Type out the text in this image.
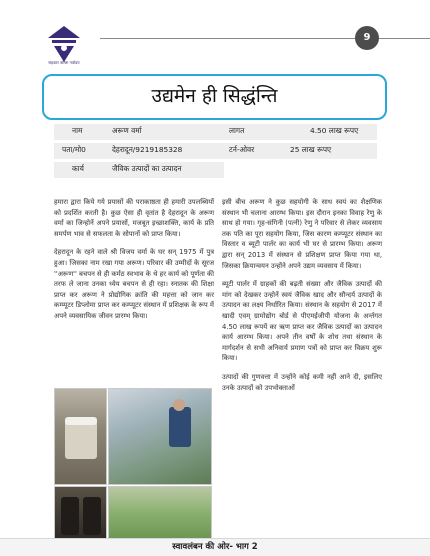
सहकार बांग्ला नवोदय
9
उद्यमेन ही सिद्धंन्ति
नाम	अरूण वर्मा	लागत	4.50 लाख रूपए
पता/मो0	देहरादून/9219185328	टर्न-ओवर	25 लाख रूपए
कार्य	जैविक उत्पादों का उत्पादन

हमारा द्वारा किये गये प्रयासों की पराकाष्ठता ही हमारी उपलब्धियों को प्रदर्शित करती है। कुछ ऐसा ही वृतांत है देहरादून के अरूण वर्मा का जिन्होनें अपने प्रयासों, मजबूत इच्छाशक्ति, कार्य के प्रति समर्पण भाव से सफलता के सोपानों को प्राप्त किया।

देहरादून के रहने वाले श्री विजय वर्मा के घर सन् 1975 में पुत्र हुआ। जिसका नाम रखा गया अरूण। परिवार की उम्मीदों के सूरज ''अरूण'' बचपन से ही कर्मठ स्वभाव के थे हर कार्य को पूर्णता की तरफ ले जाना उनका ध्येय बचपन से ही रहा। स्नातक की शिक्षा प्राप्त कर अरूण ने प्रोद्योगिक क्रांति की महत्ता को जान कर कम्प्यूटर डिप्लोमा प्राप्त कर कम्प्यूटर संस्थान में प्रशिक्षक के रूप में अपने व्यवसायिक जीवन प्रारम्भ किया।

इसी बीच अरूण ने कुछ सहयोगी के साथ स्वयं का शैक्षणिक संस्थान भी चलाना आरम्भ किया। इस दौरान इनका विवाह रेणु के साथ हो गया। गृह-संगिनी (पत्नी) रेणु ने परिवार से लेकर व्यवसाय तक पति का पूरा सहयोग किया, जिस कारण कम्प्यूटर संस्थान का विस्तार व ब्यूटी पार्लर का कार्य भी घर से प्रारम्भ किया। अरूण द्वारा सन् 2013 में संस्थान से प्रशिक्षण प्राप्त किया गया था, जिसका क्रियान्वयन उन्होंने अपने उद्यम व्यवसाय में किया।

ब्यूटी पार्लर में ग्राहकों की बढ़ती संख्या और जैविक उत्पादों की मांग को देखकर उन्होनें स्वयं जैविक खाद और सौन्दर्य उत्पादों के उत्पादन का लक्ष्य निर्धारित किया। संस्थान के सहयोग से 2017 में खादी एवम् ग्रामोद्योग बोर्ड से पीएमईजीपी योजना के अर्न्तगत 4.50 लाख रूपयें का ऋण प्राप्त कर जैविक उत्पादों का उत्पादन कार्य आरम्भ किया। अपने तीन वर्षों के शोध तथा संस्थान के मार्गदर्शन से सभी अनिवार्य प्रमाण पत्रों को प्राप्त कर विक्रय शुरू किया।

उत्पादों की गुणवत्ता में उन्होंने कोई कमी नहीं आने दी, इसलिए उनके उत्पादों को उपभोक्ताओं

स्वावलंबन की ओर- भाग 2
